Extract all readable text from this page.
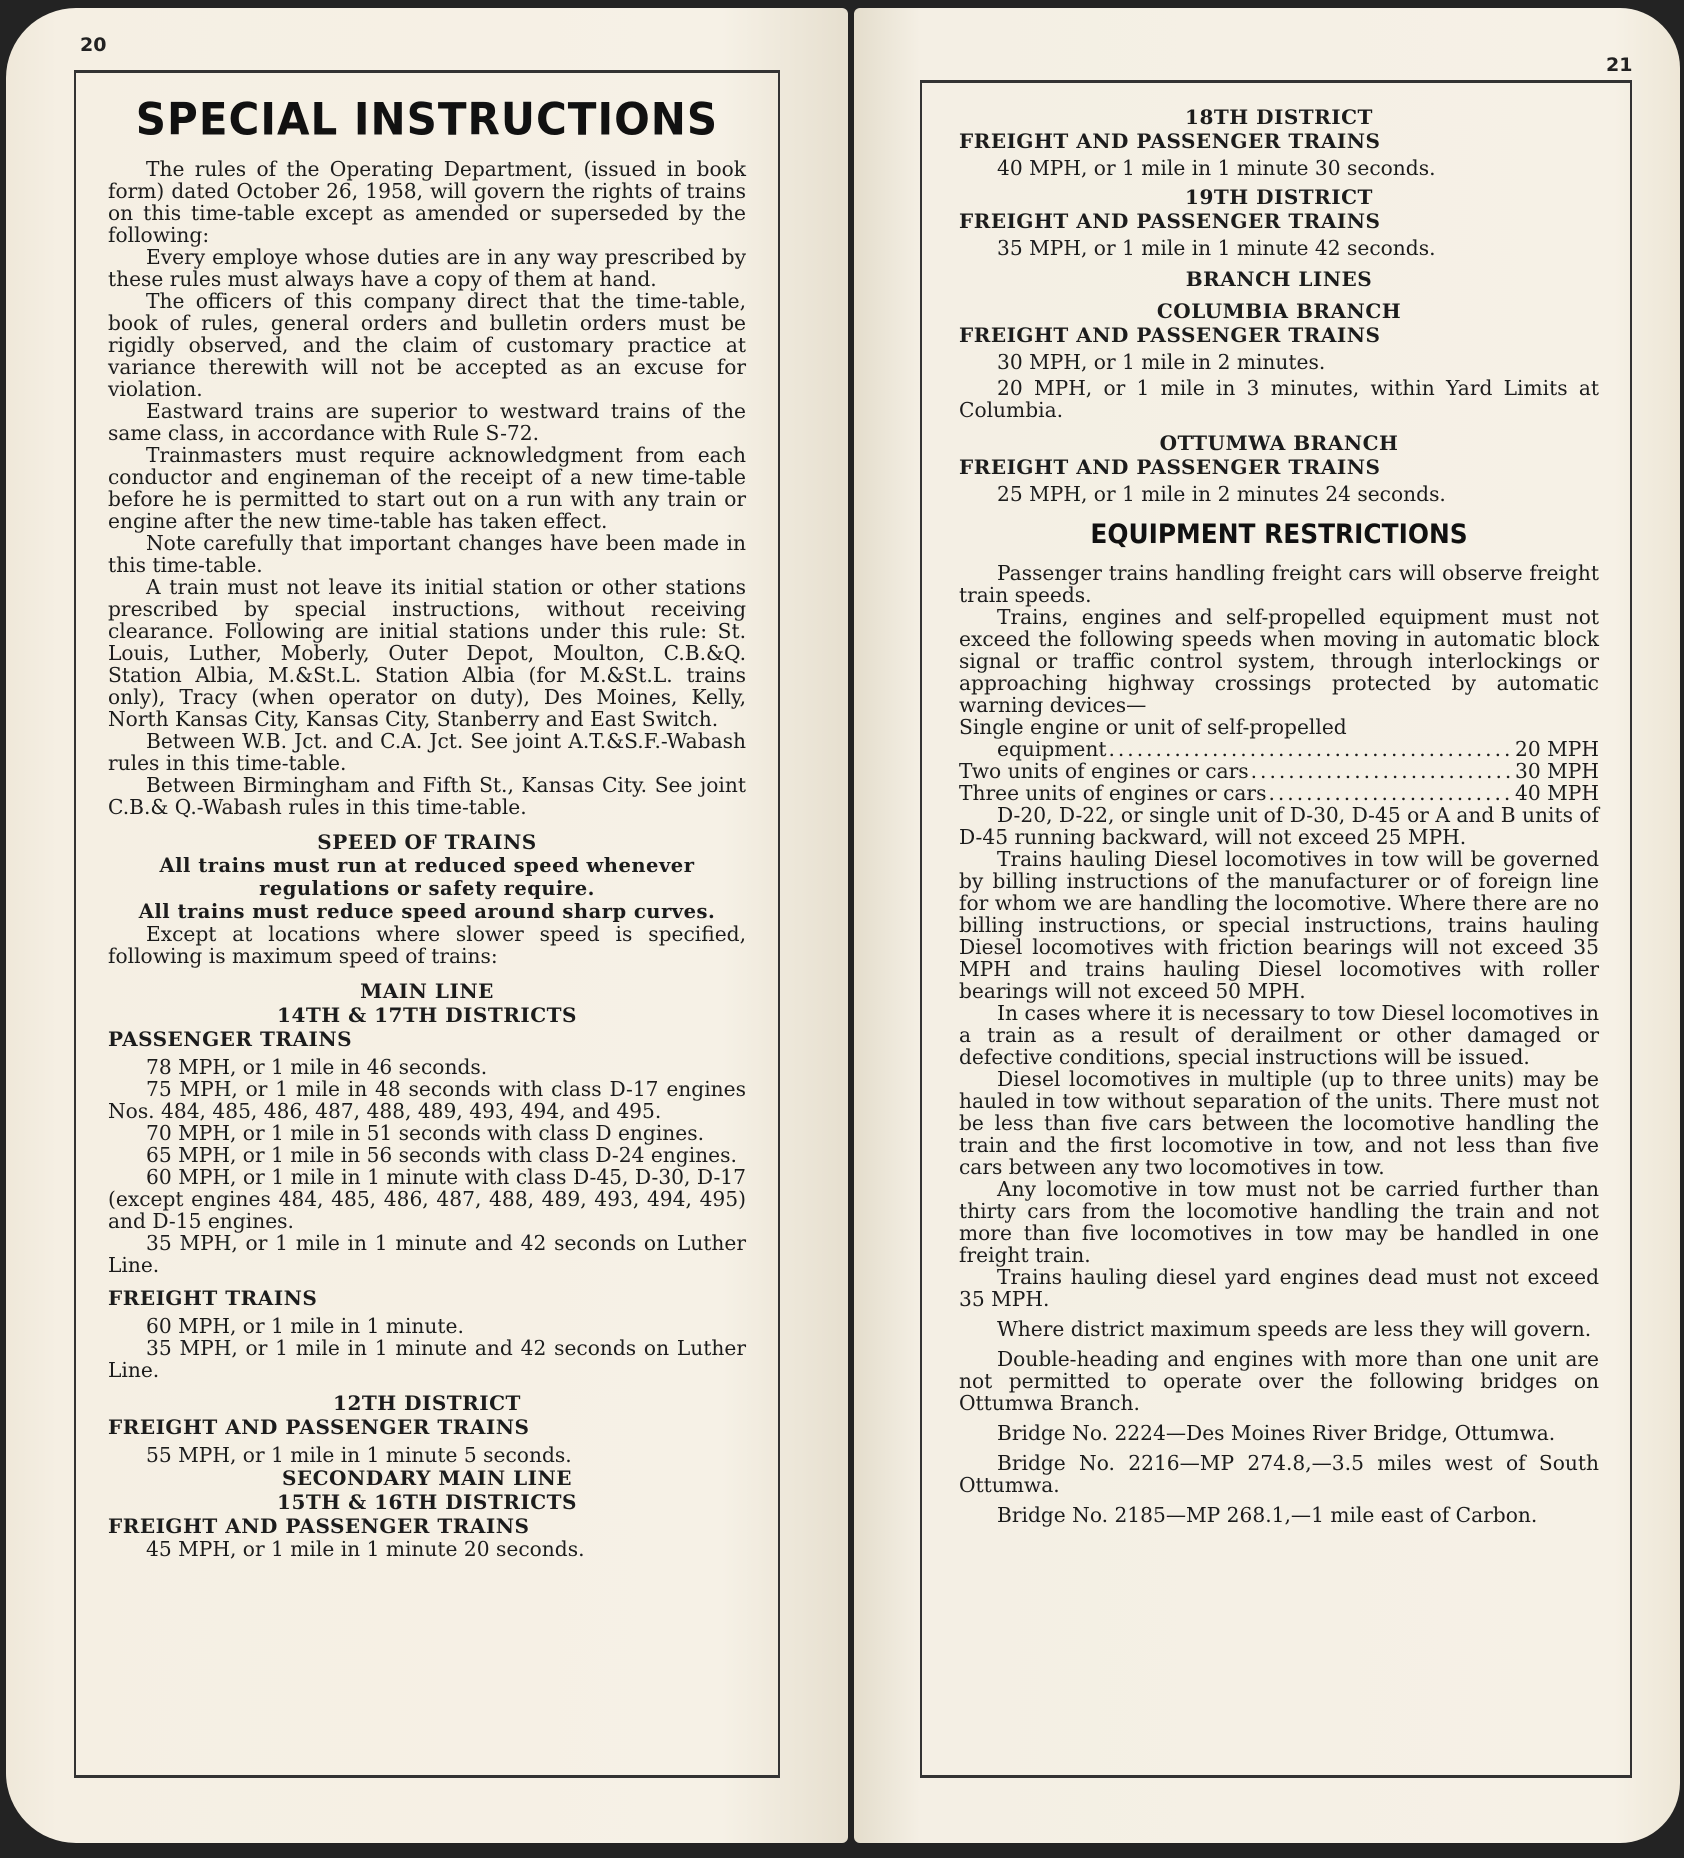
20
21
SPECIAL INSTRUCTIONS

The rules of the Operating Department, (issued in book form) dated October 26, 1958, will govern the rights of trains on this time-table except as amended or superseded by the following:

Every employe whose duties are in any way prescribed by these rules must always have a copy of them at hand.

The officers of this company direct that the time-table, book of rules, general orders and bulletin orders must be rigidly observed, and the claim of customary practice at variance therewith will not be accepted as an excuse for violation.

Eastward trains are superior to westward trains of the same class, in accordance with Rule S-72.

Trainmasters must require acknowledgment from each conductor and engineman of the receipt of a new time-table before he is permitted to start out on a run with any train or engine after the new time-table has taken effect.

Note carefully that important changes have been made in this time-table.

A train must not leave its initial station or other stations prescribed by special instructions, without receiving clearance. Following are initial stations under this rule: St. Louis, Luther, Moberly, Outer Depot, Moulton, C.B.&Q. Station Albia, M.&St.L. Station Albia (for M.&St.L. trains only), Tracy (when operator on duty), Des Moines, Kelly, North Kansas City, Kansas City, Stanberry and East Switch.

Between W.B. Jct. and C.A. Jct. See joint A.T.&S.F.-Wabash rules in this time-table.

Between Birmingham and Fifth St., Kansas City. See joint C.B.& Q.-Wabash rules in this time-table.

SPEED OF TRAINS
All trains must run at reduced speed whenever regulations or safety require.
All trains must reduce speed around sharp curves.

Except at locations where slower speed is specified, following is maximum speed of trains:

MAIN LINE
14TH & 17TH DISTRICTS
PASSENGER TRAINS

78 MPH, or 1 mile in 46 seconds.

75 MPH, or 1 mile in 48 seconds with class D-17 engines Nos. 484, 485, 486, 487, 488, 489, 493, 494, and 495.

70 MPH, or 1 mile in 51 seconds with class D engines.

65 MPH, or 1 mile in 56 seconds with class D-24 engines.

60 MPH, or 1 mile in 1 minute with class D-45, D-30, D-17 (except engines 484, 485, 486, 487, 488, 489, 493, 494, 495) and D-15 engines.

35 MPH, or 1 mile in 1 minute and 42 seconds on Luther Line.

FREIGHT TRAINS

60 MPH, or 1 mile in 1 minute.

35 MPH, or 1 mile in 1 minute and 42 seconds on Luther Line.

12TH DISTRICT
FREIGHT AND PASSENGER TRAINS

55 MPH, or 1 mile in 1 minute 5 seconds.

SECONDARY MAIN LINE
15TH & 16TH DISTRICTS
FREIGHT AND PASSENGER TRAINS

45 MPH, or 1 mile in 1 minute 20 seconds.

18TH DISTRICT
FREIGHT AND PASSENGER TRAINS

40 MPH, or 1 mile in 1 minute 30 seconds.

19TH DISTRICT
FREIGHT AND PASSENGER TRAINS

35 MPH, or 1 mile in 1 minute 42 seconds.

BRANCH LINES
COLUMBIA BRANCH
FREIGHT AND PASSENGER TRAINS

30 MPH, or 1 mile in 2 minutes.

20 MPH, or 1 mile in 3 minutes, within Yard Limits at Columbia.

OTTUMWA BRANCH
FREIGHT AND PASSENGER TRAINS

25 MPH, or 1 mile in 2 minutes 24 seconds.

EQUIPMENT RESTRICTIONS

Passenger trains handling freight cars will observe freight train speeds.

Trains, engines and self-propelled equipment must not exceed the following speeds when moving in automatic block signal or traffic control system, through interlockings or approaching highway crossings protected by automatic warning devices—

Single engine or unit of self-propelled

equipment .....	20 MPH
Two units of engines or cars .....	30 MPH
Three units of engines or cars .....	40 MPH

D-20, D-22, or single unit of D-30, D-45 or A and B units of D-45 running backward, will not exceed 25 MPH.

Trains hauling Diesel locomotives in tow will be governed by billing instructions of the manufacturer or of foreign line for whom we are handling the locomotive. Where there are no billing instructions, or special instructions, trains hauling Diesel locomotives with friction bearings will not exceed 35 MPH and trains hauling Diesel locomotives with roller bearings will not exceed 50 MPH.

In cases where it is necessary to tow Diesel locomotives in a train as a result of derailment or other damaged or defective conditions, special instructions will be issued.

Diesel locomotives in multiple (up to three units) may be hauled in tow without separation of the units. There must not be less than five cars between the locomotive handling the train and the first locomotive in tow, and not less than five cars between any two locomotives in tow.

Any locomotive in tow must not be carried further than thirty cars from the locomotive handling the train and not more than five locomotives in tow may be handled in one freight train.

Trains hauling diesel yard engines dead must not exceed 35 MPH.

Where district maximum speeds are less they will govern.

Double-heading and engines with more than one unit are not permitted to operate over the following bridges on Ottumwa Branch.

Bridge No. 2224—Des Moines River Bridge, Ottumwa.

Bridge No. 2216—MP 274.8,—3.5 miles west of South Ottumwa.

Bridge No. 2185—MP 268.1,—1 mile east of Carbon.
